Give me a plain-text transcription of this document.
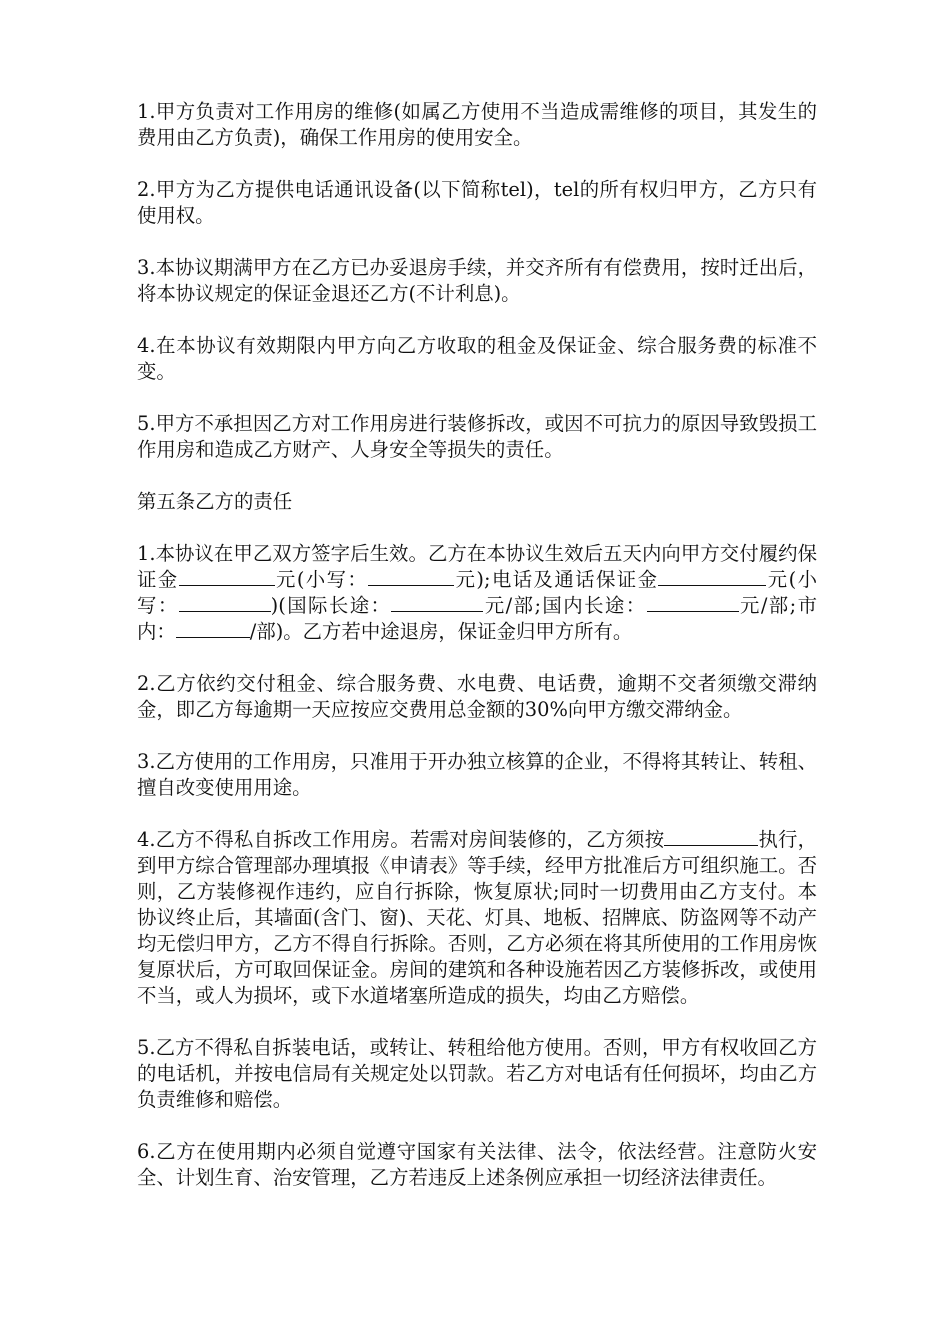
1.甲方负责对工作用房的维修(如属乙方使用不当造成需维修的项目，其发生的费用由乙方负责)，确保工作用房的使用安全。

2.甲方为乙方提供电话通讯设备(以下简称tel)，tel的所有权归甲方，乙方只有使用权。

3.本协议期满甲方在乙方已办妥退房手续，并交齐所有有偿费用，按时迁出后，将本协议规定的保证金退还乙方(不计利息)。

4.在本协议有效期限内甲方向乙方收取的租金及保证金、综合服务费的标准不变。

5.甲方不承担因乙方对工作用房进行装修拆改，或因不可抗力的原因导致毁损工作用房和造成乙方财产、人身安全等损失的责任。

第五条乙方的责任

1.本协议在甲乙双方签字后生效。乙方在本协议生效后五天内向甲方交付履约保证金	元(小写：	元);电话及通话保证金	元(小写：	)(国际长途：	元/部;国内长途：	元/部;市内：	/部)。乙方若中途退房，保证金归甲方所有。

2.乙方依约交付租金、综合服务费、水电费、电话费，逾期不交者须缴交滞纳金，即乙方每逾期一天应按应交费用总金额的30%向甲方缴交滞纳金。

3.乙方使用的工作用房，只准用于开办独立核算的企业，不得将其转让、转租、擅自改变使用用途。

4.乙方不得私自拆改工作用房。若需对房间装修的，乙方须按	执行，到甲方综合管理部办理填报《申请表》等手续，经甲方批准后方可组织施工。否则，乙方装修视作违约，应自行拆除，恢复原状;同时一切费用由乙方支付。本协议终止后，其墙面(含门、窗)、天花、灯具、地板、招牌底、防盗网等不动产均无偿归甲方，乙方不得自行拆除。否则，乙方必须在将其所使用的工作用房恢复原状后，方可取回保证金。房间的建筑和各种设施若因乙方装修拆改，或使用不当，或人为损坏，或下水道堵塞所造成的损失，均由乙方赔偿。

5.乙方不得私自拆装电话，或转让、转租给他方使用。否则，甲方有权收回乙方的电话机，并按电信局有关规定处以罚款。若乙方对电话有任何损坏，均由乙方负责维修和赔偿。

6.乙方在使用期内必须自觉遵守国家有关法律、法令，依法经营。注意防火安全、计划生育、治安管理，乙方若违反上述条例应承担一切经济法律责任。
